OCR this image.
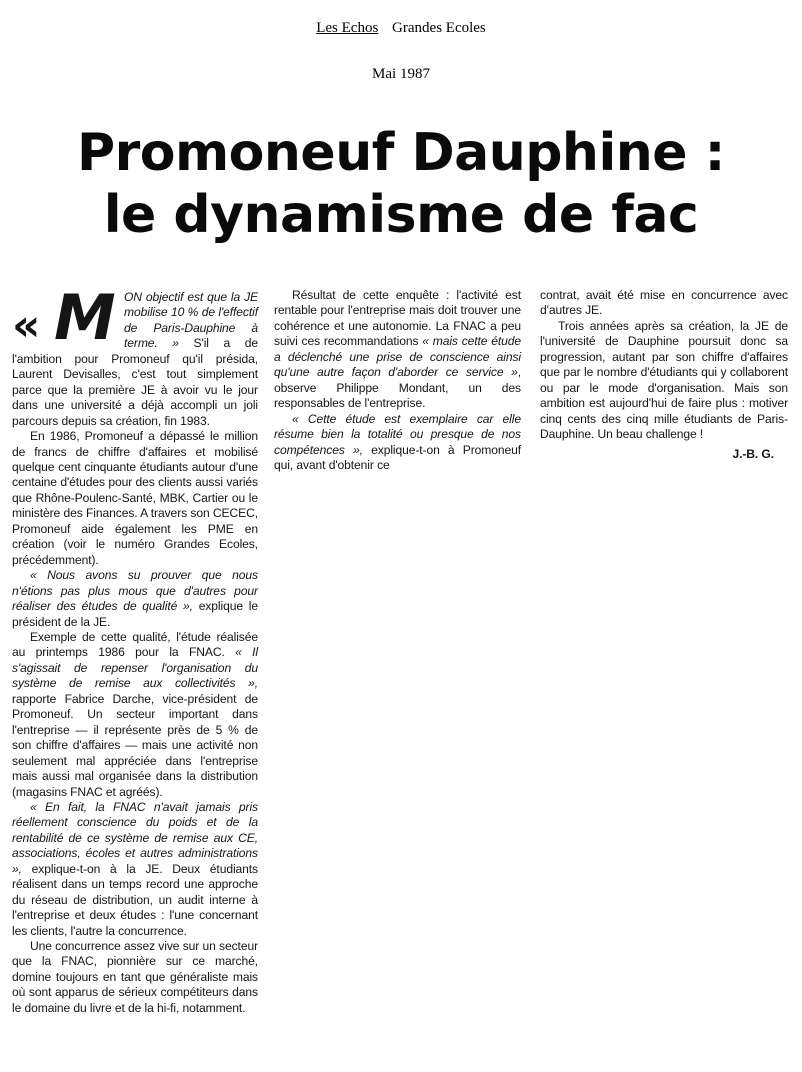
Les Echos Grandes Ecoles
Mai 1987
Promoneuf Dauphine :
le dynamisme de fac

« M ON objectif est que la JE mobilise 10 % de l'effectif de Paris-Dauphine à terme. » S'il a de l'ambition pour Promoneuf qu'il présida, Laurent Devisalles, c'est tout simplement parce que la première JE à avoir vu le jour dans une université a déjà accompli un joli parcours depuis sa création, fin 1983.

En 1986, Promoneuf a dépassé le million de francs de chiffre d'affaires et mobilisé quelque cent cinquante étudiants autour d'une centaine d'études pour des clients aussi variés que Rhône-Poulenc-Santé, MBK, Cartier ou le ministère des Finances. A travers son CECEC, Promoneuf aide également les PME en création (voir le numéro Grandes Ecoles, précédemment).

« Nous avons su prouver que nous n'étions pas plus mous que d'autres pour réaliser des études de qualité », explique le président de la JE.

Exemple de cette qualité, l'étude réalisée au printemps 1986 pour la FNAC. « Il s'agissait de repenser l'organisation du système de remise aux collectivités », rapporte Fabrice Darche, vice-président de Promoneuf. Un secteur important dans l'entreprise — il représente près de 5 % de son chiffre d'affaires — mais une activité non seulement mal appréciée dans l'entreprise mais aussi mal organisée dans la distribution (magasins FNAC et agréés).

« En fait, la FNAC n'avait jamais pris réellement conscience du poids et de la rentabilité de ce système de remise aux CE, associations, écoles et autres administrations », explique-t-on à la JE. Deux étudiants réalisent dans un temps record une approche du réseau de distribution, un audit interne à l'entreprise et deux études : l'une concernant les clients, l'autre la concurrence.

Une concurrence assez vive sur un secteur que la FNAC, pionnière sur ce marché, domine toujours en tant que généraliste mais où sont apparus de sérieux compétiteurs dans le domaine du livre et de la hi-fi, notamment.

Résultat de cette enquête : l'activité est rentable pour l'entreprise mais doit trouver une cohérence et une autonomie. La FNAC a peu suivi ces recommandations « mais cette étude a déclenché une prise de conscience ainsi qu'une autre façon d'aborder ce service », observe Philippe Mondant, un des responsables de l'entreprise.

« Cette étude est exemplaire car elle résume bien la totalité ou presque de nos compétences », explique-t-on à Promoneuf qui, avant d'obtenir ce

contrat, avait été mise en concurrence avec d'autres JE.

Trois années après sa création, la JE de l'université de Dauphine poursuit donc sa progression, autant par son chiffre d'affaires que par le nombre d'étudiants qui y collaborent ou par le mode d'organisation. Mais son ambition est aujourd'hui de faire plus : motiver cinq cents des cinq mille étudiants de Paris-Dauphine. Un beau challenge !

J.-B. G.
